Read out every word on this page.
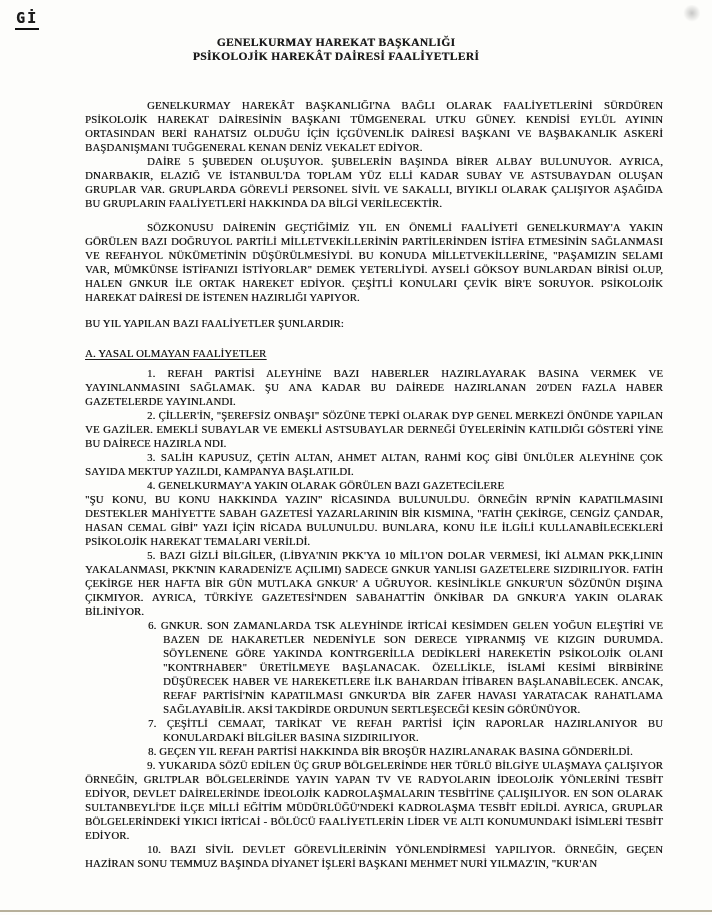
Gİ
GENELKURMAY HAREKAT BAŞKANLIĞI
PSİKOLOJİK HAREKÂT DAİRESİ FAALİYETLERİ
GENELKURMAY HAREKÂT BAŞKANLIĞI'NA BAĞLI OLARAK FAALİYETLERİNİ SÜRDÜREN PSİKOLOJİK HAREKAT DAİRESİNİN BAŞKANI TÜMGENERAL UTKU GÜNEY. KENDİSİ EYLÜL AYININ ORTASINDAN BERİ RAHATSIZ OLDUĞU İÇİN İÇGÜVENLİK DAİRESİ BAŞKANI VE BAŞBAKANLIK ASKERİ BAŞDANIŞMANI TUĞGENERAL KENAN DENİZ VEKALET EDİYOR.
DAİRE 5 ŞUBEDEN OLUŞUYOR. ŞUBELERİN BAŞINDA BİRER ALBAY BULUNUYOR. AYRICA, DNARBAKIR, ELAZIĞ VE İSTANBUL'DA TOPLAM YÜZ ELLİ KADAR SUBAY VE ASTSUBAYDAN OLUŞAN GRUPLAR VAR. GRUPLARDA GÖREVLİ PERSONEL SİVİL VE SAKALLI, BIYIKLI OLARAK ÇALIŞIYOR AŞAĞIDA BU GRUPLARIN FAALİYETLERİ HAKKINDA DA BİLGİ VERİLECEKTİR.
SÖZKONUSU DAİRENİN GEÇTİĞİMİZ YIL EN ÖNEMLİ FAALİYETİ GENELKURMAY'A YAKIN GÖRÜLEN BAZI DOĞRUYOL PARTİLİ MİLLETVEKİLLERİNİN PARTİLERİNDEN İSTİFA ETMESİNİN SAĞLANMASI VE REFAHYOL NÜKÜMETİNİN DÜŞÜRÜLMESİYDİ. BU KONUDA MİLLETVEKİLLERİNE, "PAŞAMIZIN SELAMI VAR, MÜMKÜNSE İSTİFANIZI İSTİYORLAR" DEMEK YETERLİYDİ. AYSELİ GÖKSOY BUNLARDAN BİRİSİ OLUP, HALEN GNKUR İLE ORTAK HAREKET EDİYOR. ÇEŞİTLİ KONULARI ÇEVİK BİR'E SORUYOR. PSİKOLOJİK HAREKAT DAİRESİ DE İSTENEN HAZIRLIĞI YAPIYOR.
BU YIL YAPILAN BAZI FAALİYETLER ŞUNLARDIR:
A. YASAL OLMAYAN FAALİYETLER
1. REFAH PARTİSİ ALEYHİNE BAZI HABERLER HAZIRLAYARAK BASINA VERMEK VE YAYINLANMASINI SAĞLAMAK. ŞU ANA KADAR BU DAİREDE HAZIRLANAN 20'DEN FAZLA HABER GAZETELERDE YAYINLANDI.
2. ÇİLLER'İN, "ŞEREFSİZ ONBAŞI" SÖZÜNE TEPKİ OLARAK DYP GENEL MERKEZİ ÖNÜNDE YAPILAN VE GAZİLER. EMEKLİ SUBAYLAR VE EMEKLİ ASTSUBAYLAR DERNEĞİ ÜYELERİNİN KATILDIĞI GÖSTERİ YİNE BU DAİRECE HAZIRLA NDI.
3. SALİH KAPUSUZ, ÇETİN ALTAN, AHMET ALTAN, RAHMİ KOÇ GİBİ ÜNLÜLER ALEYHİNE ÇOK SAYIDA MEKTUP YAZILDI, KAMPANYA BAŞLATILDI.
4. GENELKURMAY'A YAKIN OLARAK GÖRÜLEN BAZI GAZETECİLERE
"ŞU KONU, BU KONU HAKKINDA YAZIN" RİCASINDA BULUNULDU. ÖRNEĞİN RP'NİN KAPATILMASINI DESTEKLER MAHİYETTE SABAH GAZETESİ YAZARLARININ BİR KISMINA, "FATİH ÇEKİRGE, CENGİZ ÇANDAR, HASAN CEMAL GİBİ" YAZI İÇİN RİCADA BULUNULDU. BUNLARA, KONU İLE İLGİLİ KULLANABİLECEKLERİ PSİKOLOJİK HAREKAT TEMALARI VERİLDİ.
5. BAZI GİZLİ BİLGİLER, (LİBYA'NIN PKK'YA 10 MİL1'ON DOLAR VERMESİ, İKİ ALMAN PKK,LININ YAKALANMASI, PKK'NIN KARADENİZ'E AÇILIMI) SADECE GNKUR YANLISI GAZETELERE SIZDIRILIYOR. FATİH ÇEKİRGE HER HAFTA BİR GÜN MUTLAKA GNKUR' A UĞRUYOR. KESİNLİKLE GNKUR'UN SÖZÜNÜN DIŞINA ÇIKMIYOR. AYRICA, TÜRKİYE GAZETESİ'NDEN SABAHATTİN ÖNKİBAR DA GNKUR'A YAKIN OLARAK BİLİNİYOR.
6. GNKUR. SON ZAMANLARDA TSK ALEYHİNDE İRTİCAİ KESİMDEN GELEN YOĞUN ELEŞTİRİ VE BAZEN DE HAKARETLER NEDENİYLE SON DERECE YIPRANMIŞ VE KIZGIN DURUMDA. SÖYLENENE GÖRE YAKINDA KONTRGERİLLA DEDİKLERİ HAREKETİN PSİKOLOJİK OLANI "KONTRHABER" ÜRETİLMEYE BAŞLANACAK. ÖZELLİKLE, İSLAMİ KESİMİ BİRBİRİNE DÜŞÜRECEK HABER VE HAREKETLERE İLK BAHARDAN İTİBAREN BAŞLANABİLECEK. ANCAK, REFAF PARTİSİ'NİN KAPATILMASI GNKUR'DA BİR ZAFER HAVASI YARATACAK RAHATLAMA SAĞLAYABİLİR. AKSİ TAKDİRDE ORDUNUN SERTLEŞECEĞİ KESİN GÖRÜNÜYOR.
7. ÇEŞİTLİ CEMAAT, TARİKAT VE REFAH PARTİSİ İÇİN RAPORLAR HAZIRLANIYOR BU KONULARDAKİ BİLGİLER BASINA SIZDIRILIYOR.
8. GEÇEN YIL REFAH PARTİSİ HAKKINDA BİR BROŞÜR HAZIRLANARAK BASINA GÖNDERİLDİ.
9. YUKARIDA SÖZÜ EDİLEN ÜÇ GRUP BÖLGELERİNDE HER TÜRLÜ BİLGİYE ULAŞMAYA ÇALIŞIYOR ÖRNEĞİN, GRLTPLAR BÖLGELERİNDE YAYIN YAPAN TV VE RADYOLARIN İDEOLOJİK YÖNLERİNİ TESBİT EDİYOR, DEVLET DAİRELERİNDE İDEOLOJİK KADROLAŞMALARIN TESBİTİNE ÇALIŞILIYOR. EN SON OLARAK SULTANBEYLİ'DE İLÇE MİLLİ EĞİTİM MÜDÜRLÜĞÜ'NDEKİ KADROLAŞMA TESBİT EDİLDİ. AYRICA, GRUPLAR BÖLGELERİNDEKİ YIKICI İRTİCAİ - BÖLÜCÜ FAALİYETLERİN LİDER VE ALTI KONUMUNDAKİ İSİMLERİ TESBİT EDİYOR.
10. BAZI SİVİL DEVLET GÖREVLİLERİNİN YÖNLENDİRMESİ YAPILIYOR. ÖRNEĞİN, GEÇEN HAZİRAN SONU TEMMUZ BAŞINDA DİYANET İŞLERİ BAŞKANI MEHMET NURİ YILMAZ'IN, "KUR'AN
